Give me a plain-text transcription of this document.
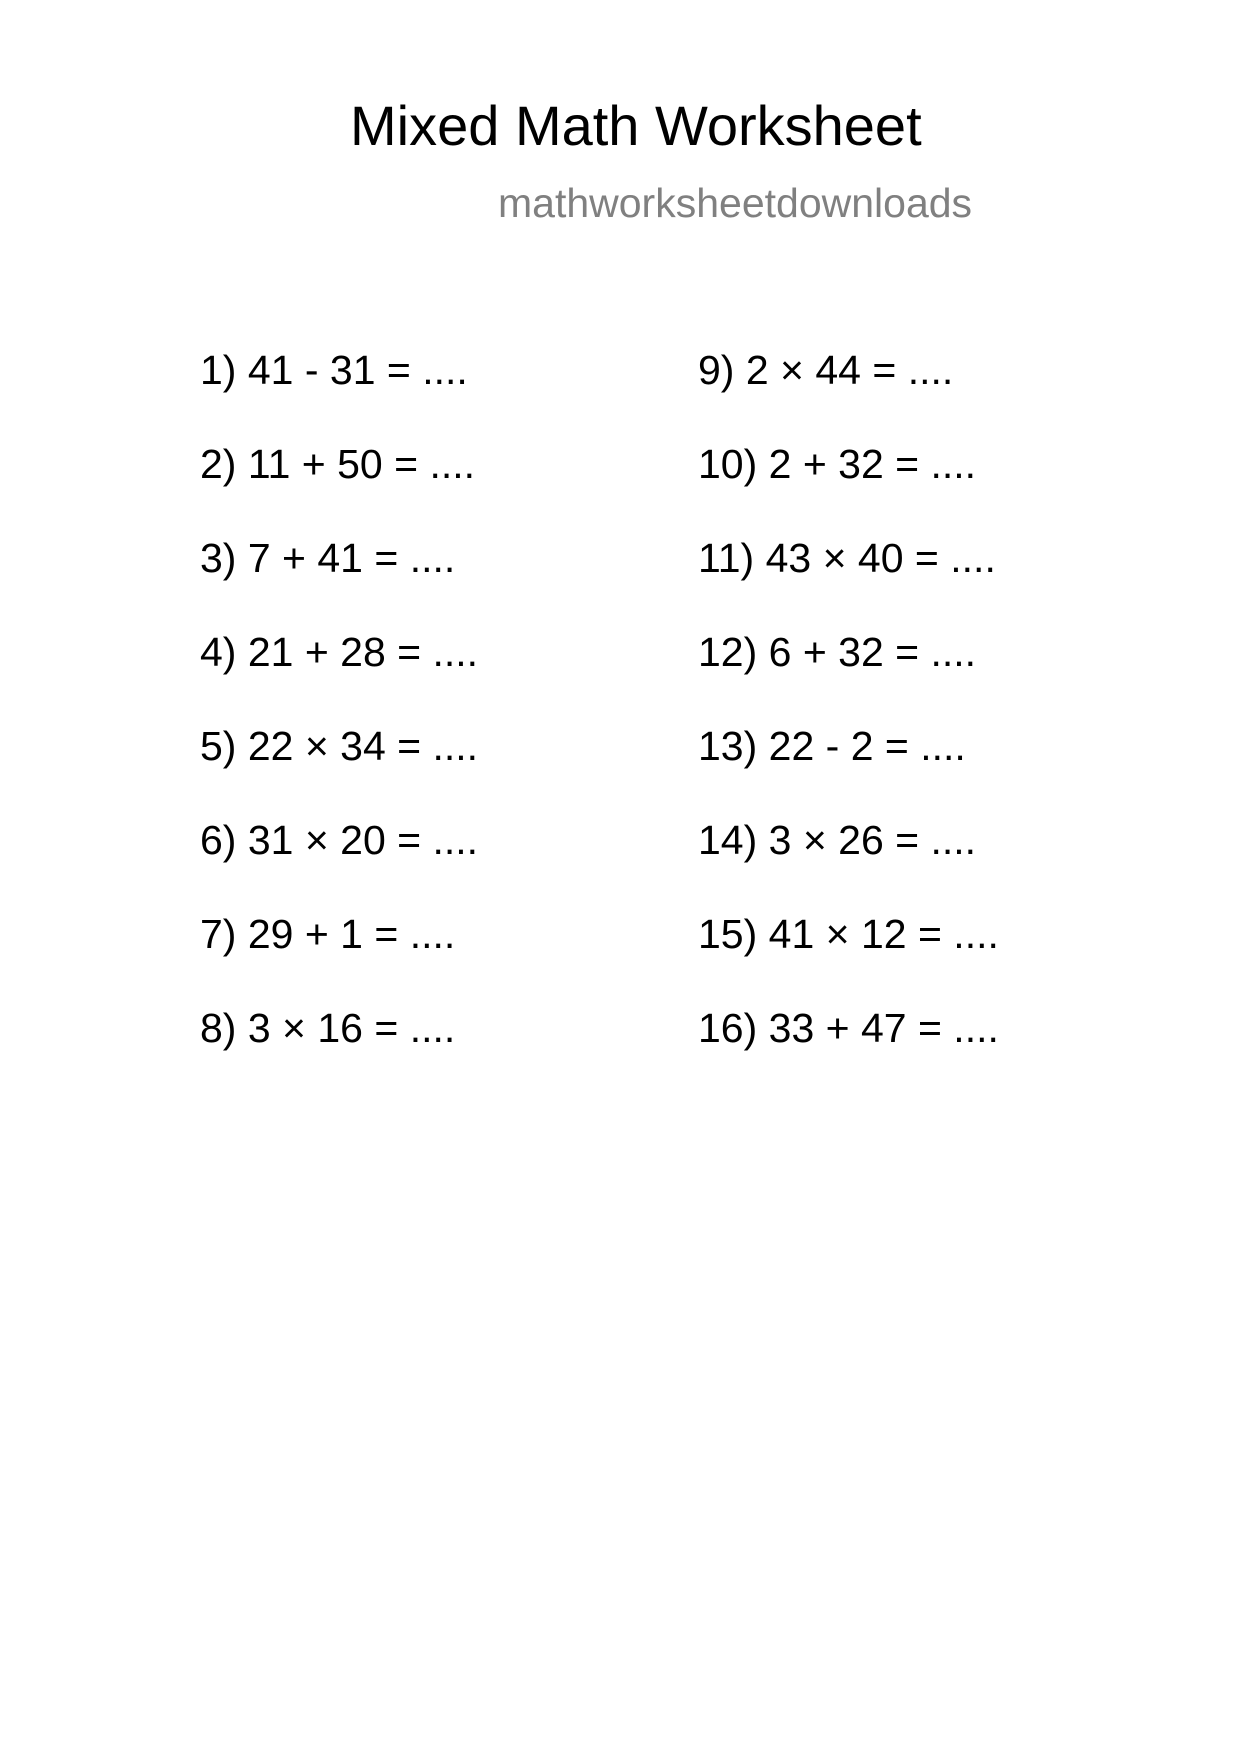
Mixed Math Worksheet
mathworksheetdownloads
1) 41 - 31 = ....
2) 11 + 50 = ....
3) 7 + 41 = ....
4) 21 + 28 = ....
5) 22 × 34 = ....
6) 31 × 20 = ....
7) 29 + 1 = ....
8) 3 × 16 = ....
9) 2 × 44 = ....
10) 2 + 32 = ....
11) 43 × 40 = ....
12) 6 + 32 = ....
13) 22 - 2 = ....
14) 3 × 26 = ....
15) 41 × 12 = ....
16) 33 + 47 = ....
